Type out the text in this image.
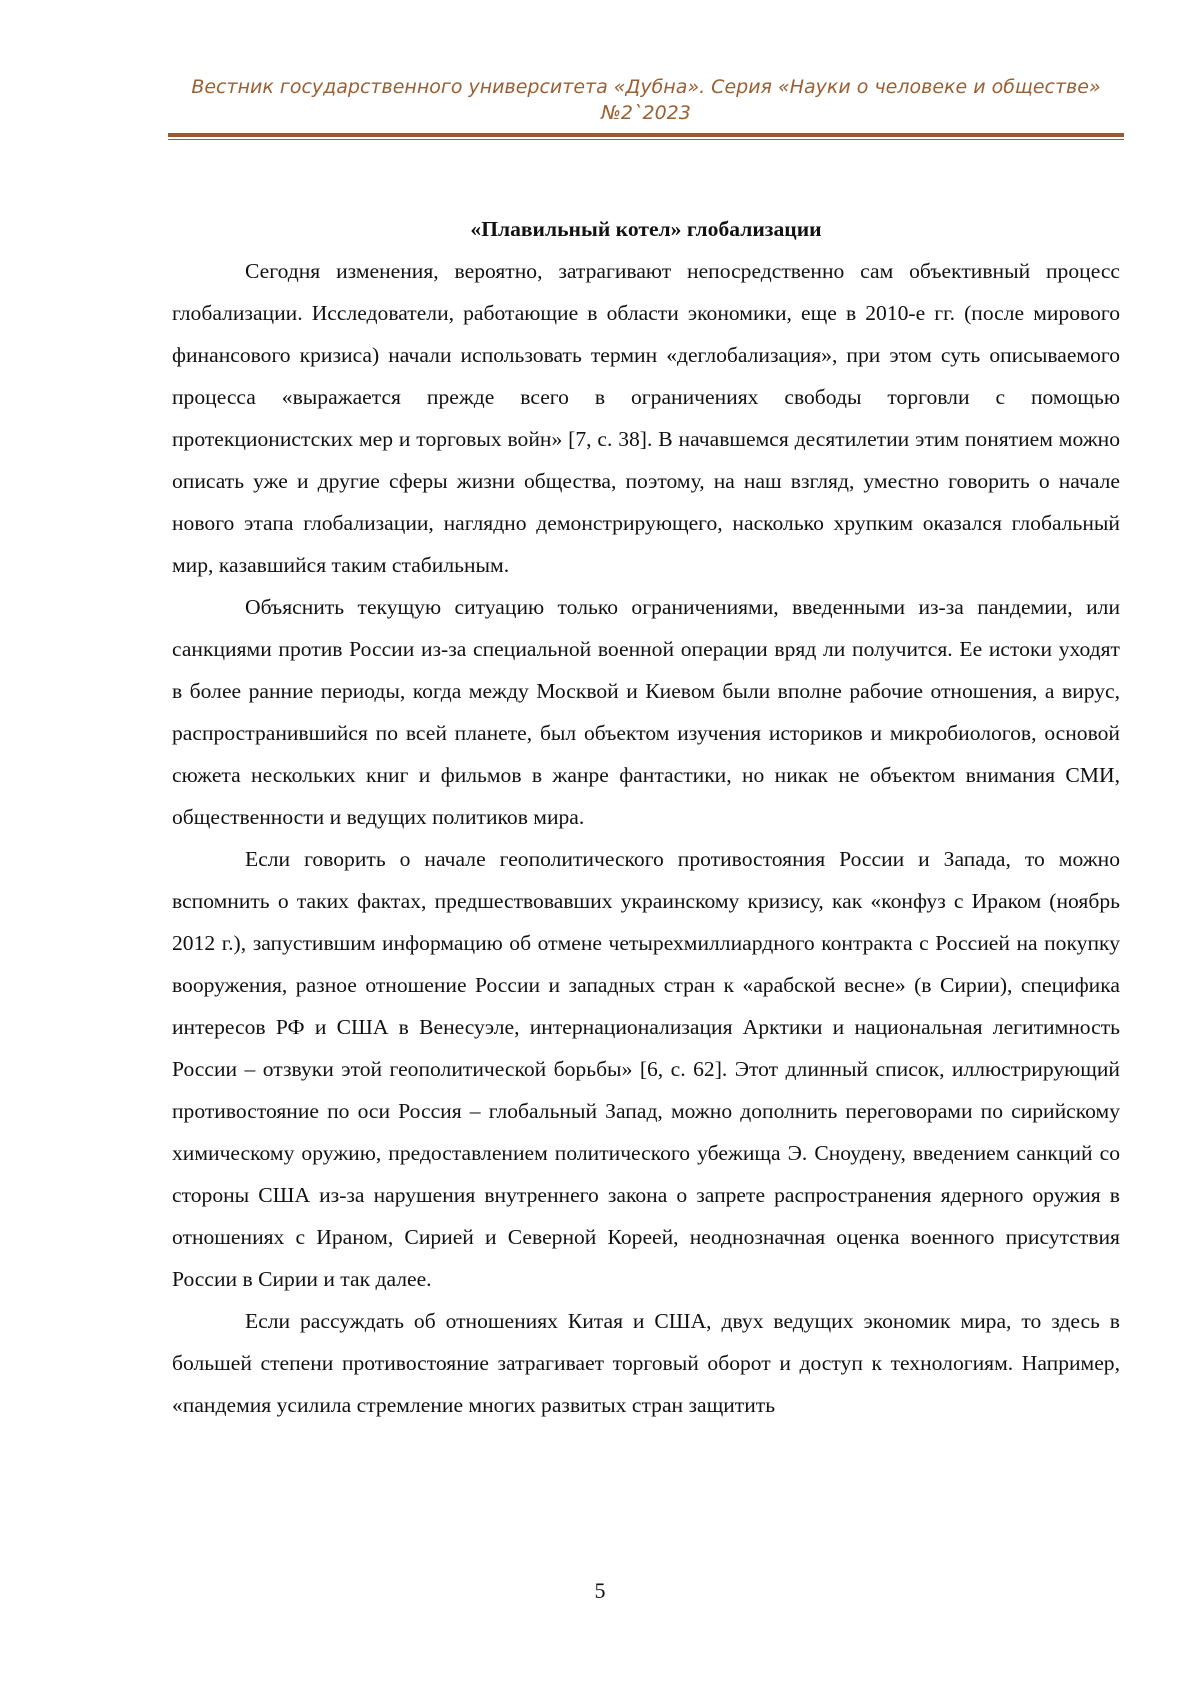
Вестник государственного университета «Дубна». Серия «Науки о человеке и обществе»
№2`2023
«Плавильный котел» глобализации

Сегодня изменения, вероятно, затрагивают непосредственно сам объективный процесс глобализации. Исследователи, работающие в области экономики, еще в 2010-е гг. (после мирового финансового кризиса) начали использовать термин «деглобализация», при этом суть описываемого процесса «выражается прежде всего в ограничениях свободы торговли с помощью протекционистских мер и торговых войн» [7, с. 38]. В начавшемся десятилетии этим понятием можно описать уже и другие сферы жизни общества, поэтому, на наш взгляд, уместно говорить о начале нового этапа глобализации, наглядно демонстрирующего, насколько хрупким оказался глобальный мир, казавшийся таким стабильным.

Объяснить текущую ситуацию только ограничениями, введенными из-за пандемии, или санкциями против России из-за специальной военной операции вряд ли получится. Ее истоки уходят в более ранние периоды, когда между Москвой и Киевом были вполне рабочие отношения, а вирус, распространившийся по всей планете, был объектом изучения историков и микробиологов, основой сюжета нескольких книг и фильмов в жанре фантастики, но никак не объектом внимания СМИ, общественности и ведущих политиков мира.

Если говорить о начале геополитического противостояния России и Запада, то можно вспомнить о таких фактах, предшествовавших украинскому кризису, как «конфуз с Ираком (ноябрь 2012 г.), запустившим информацию об отмене четырехмиллиардного контракта с Россией на покупку вооружения, разное отношение России и западных стран к «арабской весне» (в Сирии), специфика интересов РФ и США в Венесуэле, интернационализация Арктики и национальная легитимность России – отзвуки этой геополитической борьбы» [6, с. 62]. Этот длинный список, иллюстрирующий противостояние по оси Россия – глобальный Запад, можно дополнить переговорами по сирийскому химическому оружию, предоставлением политического убежища Э. Сноудену, введением санкций со стороны США из-за нарушения внутреннего закона о запрете распространения ядерного оружия в отношениях с Ираном, Сирией и Северной Кореей, неоднозначная оценка военного присутствия России в Сирии и так далее.

Если рассуждать об отношениях Китая и США, двух ведущих экономик мира, то здесь в большей степени противостояние затрагивает торговый оборот и доступ к технологиям. Например, «пандемия усилила стремление многих развитых стран защитить

5
